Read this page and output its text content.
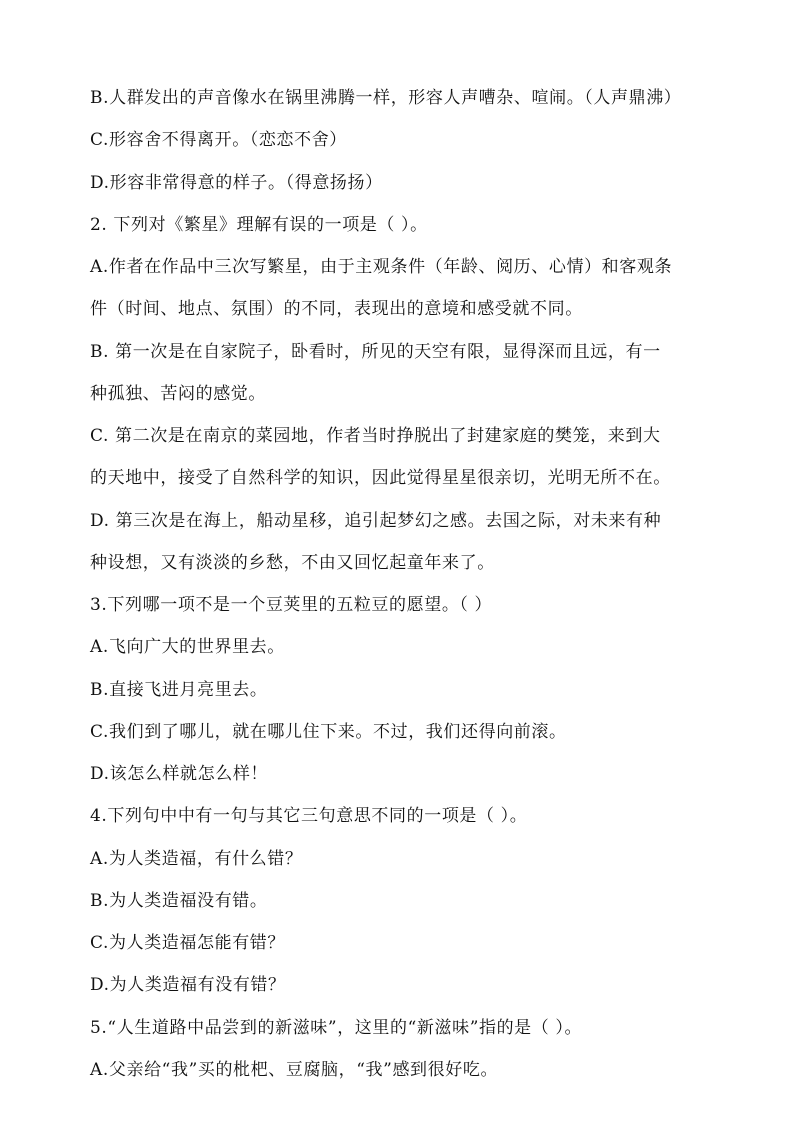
B.人群发出的声音像水在锅里沸腾一样，形容人声嘈杂、喧闹。（人声鼎沸）
C.形容舍不得离开。（恋恋不舍）
D.形容非常得意的样子。（得意扬扬）
2. 下列对《繁星》理解有误的一项是（ ）。
A.作者在作品中三次写繁星，由于主观条件（年龄、阅历、心情）和客观条
件（时间、地点、氛围）的不同，表现出的意境和感受就不同。
B. 第一次是在自家院子，卧看时，所见的天空有限，显得深而且远，有一
种孤独、苦闷的感觉。
C. 第二次是在南京的菜园地，作者当时挣脱出了封建家庭的樊笼，来到大
的天地中，接受了自然科学的知识，因此觉得星星很亲切，光明无所不在。
D. 第三次是在海上，船动星移，追引起梦幻之感。去国之际，对未来有种
种设想，又有淡淡的乡愁，不由又回忆起童年来了。
3.下列哪一项不是一个豆荚里的五粒豆的愿望。（ ）
A.飞向广大的世界里去。
B.直接飞进月亮里去。
C.我们到了哪儿，就在哪儿住下来。不过，我们还得向前滚。
D.该怎么样就怎么样！
4.下列句中中有一句与其它三句意思不同的一项是（ ）。
A.为人类造福，有什么错？
B.为人类造福没有错。
C.为人类造福怎能有错？
D.为人类造福有没有错？
5.“人生道路中品尝到的新滋味”，这里的“新滋味”指的是（ ）。
A.父亲给“我”买的枇杷、豆腐脑，“我”感到很好吃。
